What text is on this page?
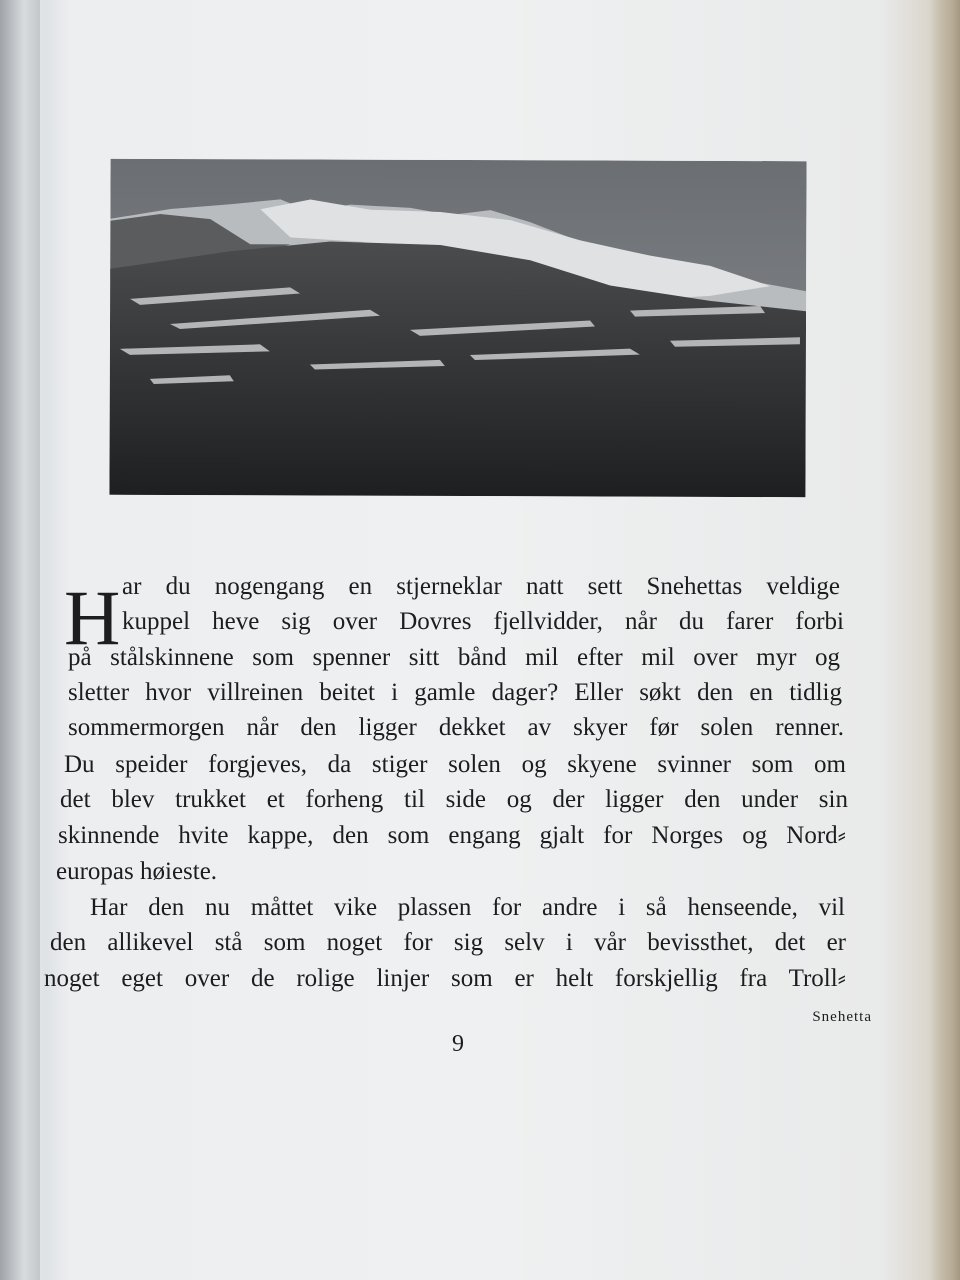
H ar du nogengang en stjerneklar natt sett Snehettas veldige
kuppel heve sig over Dovres fjellvidder, når du farer forbi
på stålskinnene som spenner sitt bånd mil efter mil over myr og
sletter hvor villreinen beitet i gamle dager? Eller søkt den en tidlig
sommermorgen når den ligger dekket av skyer før solen renner.
Du speider forgjeves, da stiger solen og skyene svinner som om
det blev trukket et forheng til side og der ligger den under sin
skinnende hvite kappe, den som engang gjalt for Norges og Nord⸗
europas høieste.
Har den nu måttet vike plassen for andre i så henseende, vil
den allikevel stå som noget for sig selv i vår bevissthet, det er
noget eget over de rolige linjer som er helt forskjellig fra Troll⸗
Snehetta
9
